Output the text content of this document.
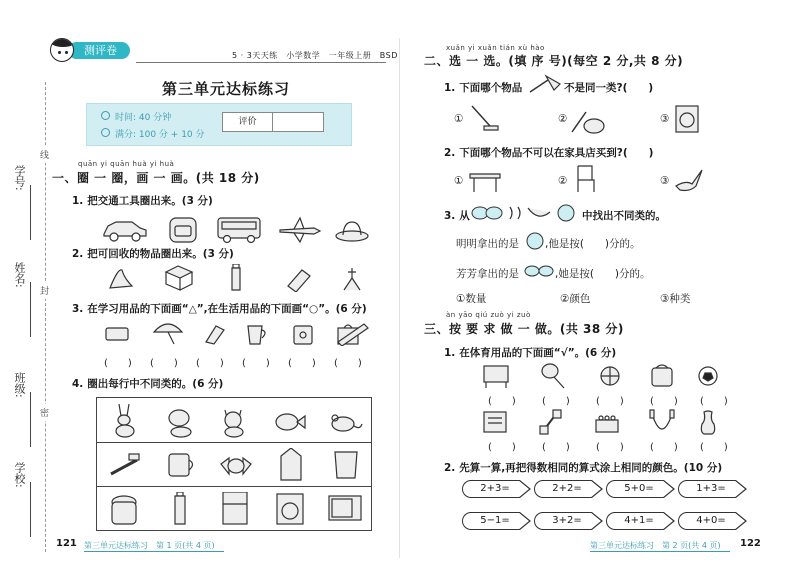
学号:
姓名:
班级:
学校:
线
封
密
测评卷	5 · 3天天练　小学数学　一年级上册　BSD
第三单元达标练习
时间: 40 分钟
满分: 100 分 + 10 分
评价
quān yi quān huà yi huà
一、圈 一 圈，画 一 画。(共 18 分)
1. 把交通工具圈出来。(3 分)
2. 把可回收的物品圈出来。(3 分)
3. 在学习用品的下面画“△”,在生活用品的下面画“○”。(6 分)
(　　) (　　) (　　) (　　) (　　) (　　)
4. 圈出每行中不同类的。(6 分)
121 第三单元达标练习　第 1 页(共 4 页)
xuǎn yi xuǎn tián xù hào
二、选 一 选。(填 序 号)(每空 2 分,共 8 分)
1. 下面哪个物品	不是同一类?(　　)
①	②	③
2. 下面哪个物品不可以在家具店买到?(　　)
①	②	③
3. 从	中找出不同类的。
明明拿出的是 ,他是按(　　)分的。
芳芳拿出的是	,她是按(　　)分的。
①数量	②颜色	③种类
àn yāo qiú zuò yi zuò
三、按 要 求 做 一 做。(共 38 分)
1. 在体育用品的下面画“√”。(6 分)
(　　)	(　　)	(　　)	(　　) (　　)
(　　)	(　　)	(　　)	(　　) (　　)
2. 先算一算,再把得数相同的算式涂上相同的颜色。(10 分)
2+3=	2+2=	5+0=	1+3=
5−1=	3+2=	4+1=	4+0=
第三单元达标练习　第 2 页(共 4 页) 122
